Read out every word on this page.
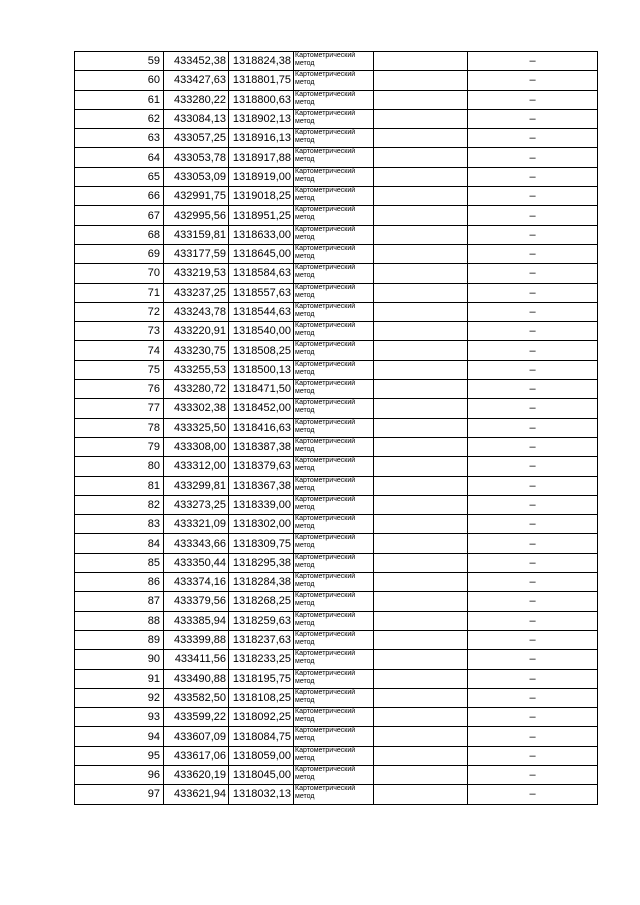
59	433452,38	1318824,38	Картометрический метод		–
60	433427,63	1318801,75	Картометрический метод		–
61	433280,22	1318800,63	Картометрический метод		–
62	433084,13	1318902,13	Картометрический метод		–
63	433057,25	1318916,13	Картометрический метод		–
64	433053,78	1318917,88	Картометрический метод		–
65	433053,09	1318919,00	Картометрический метод		–
66	432991,75	1319018,25	Картометрический метод		–
67	432995,56	1318951,25	Картометрический метод		–
68	433159,81	1318633,00	Картометрический метод		–
69	433177,59	1318645,00	Картометрический метод		–
70	433219,53	1318584,63	Картометрический метод		–
71	433237,25	1318557,63	Картометрический метод		–
72	433243,78	1318544,63	Картометрический метод		–
73	433220,91	1318540,00	Картометрический метод		–
74	433230,75	1318508,25	Картометрический метод		–
75	433255,53	1318500,13	Картометрический метод		–
76	433280,72	1318471,50	Картометрический метод		–
77	433302,38	1318452,00	Картометрический метод		–
78	433325,50	1318416,63	Картометрический метод		–
79	433308,00	1318387,38	Картометрический метод		–
80	433312,00	1318379,63	Картометрический метод		–
81	433299,81	1318367,38	Картометрический метод		–
82	433273,25	1318339,00	Картометрический метод		–
83	433321,09	1318302,00	Картометрический метод		–
84	433343,66	1318309,75	Картометрический метод		–
85	433350,44	1318295,38	Картометрический метод		–
86	433374,16	1318284,38	Картометрический метод		–
87	433379,56	1318268,25	Картометрический метод		–
88	433385,94	1318259,63	Картометрический метод		–
89	433399,88	1318237,63	Картометрический метод		–
90	433411,56	1318233,25	Картометрический метод		–
91	433490,88	1318195,75	Картометрический метод		–
92	433582,50	1318108,25	Картометрический метод		–
93	433599,22	1318092,25	Картометрический метод		–
94	433607,09	1318084,75	Картометрический метод		–
95	433617,06	1318059,00	Картометрический метод		–
96	433620,19	1318045,00	Картометрический метод		–
97	433621,94	1318032,13	Картометрический метод		–
